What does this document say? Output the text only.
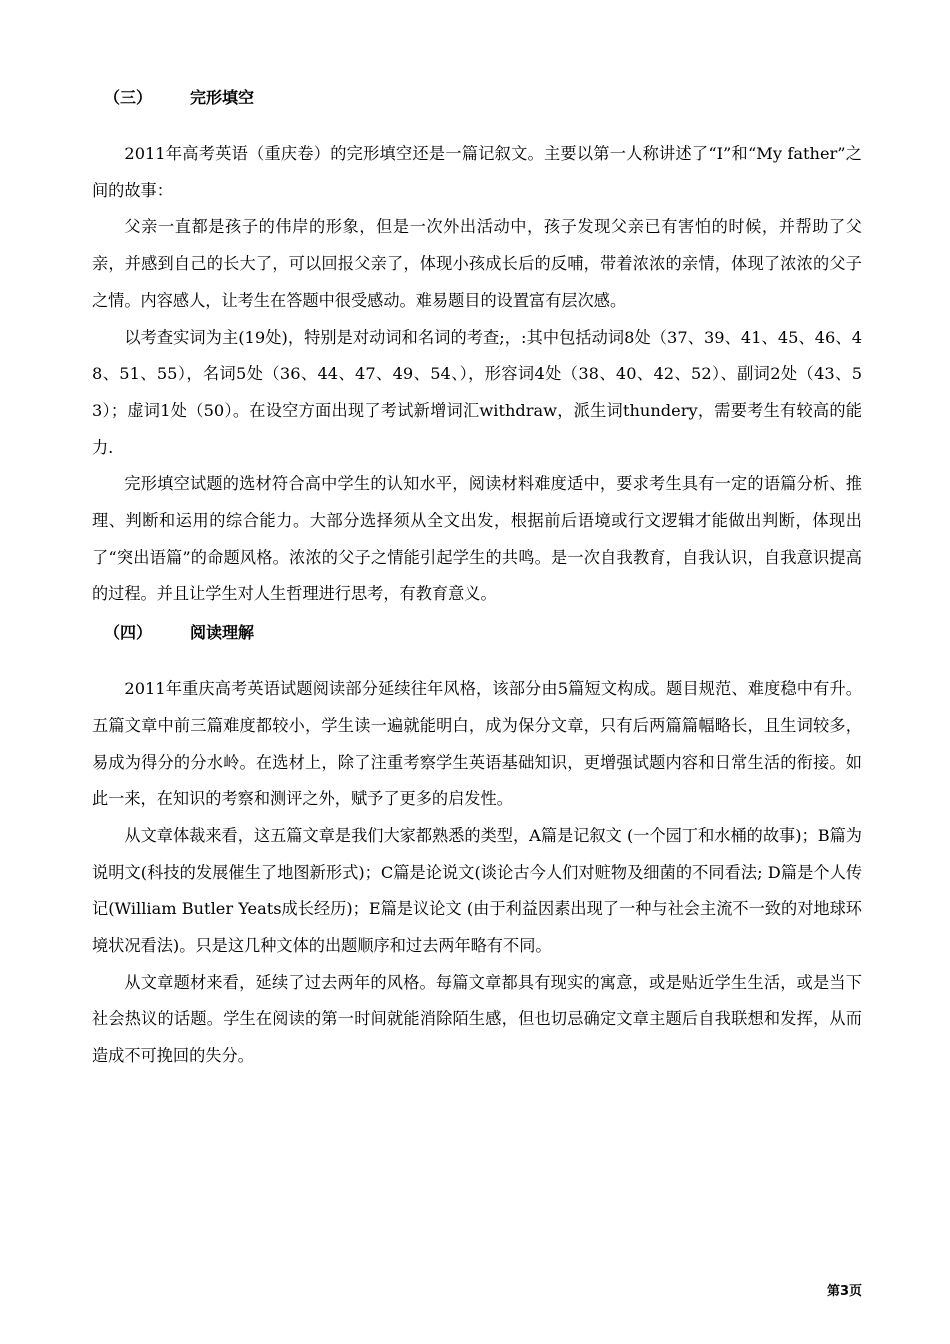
（三） 完形填空

2011年高考英语（重庆卷）的完形填空还是一篇记叙文。主要以第一人称讲述了“I”和“My father”之间的故事：

父亲一直都是孩子的伟岸的形象，但是一次外出活动中，孩子发现父亲已有害怕的时候，并帮助了父亲，并感到自己的长大了，可以回报父亲了，体现小孩成长后的反哺，带着浓浓的亲情，体现了浓浓的父子之情。内容感人，让考生在答题中很受感动。难易题目的设置富有层次感。

以考查实词为主(19处)，特别是对动词和名词的考查;，:其中包括动词8处（37、39、41、45、46、48、51、55），名词5处（36、44、47、49、54、），形容词4处（38、40、42、52）、副词2处（43、53）；虚词1处（50）。在设空方面出现了考试新增词汇withdraw，派生词thundery，需要考生有较高的能力.

完形填空试题的选材符合高中学生的认知水平，阅读材料难度适中，要求考生具有一定的语篇分析、推理、判断和运用的综合能力。大部分选择须从全文出发，根据前后语境或行文逻辑才能做出判断，体现出了“突出语篇”的命题风格。浓浓的父子之情能引起学生的共鸣。是一次自我教育，自我认识，自我意识提高的过程。并且让学生对人生哲理进行思考，有教育意义。

（四） 阅读理解

2011年重庆高考英语试题阅读部分延续往年风格，该部分由5篇短文构成。题目规范、难度稳中有升。五篇文章中前三篇难度都较小，学生读一遍就能明白，成为保分文章，只有后两篇篇幅略长，且生词较多，易成为得分的分水岭。在选材上，除了注重考察学生英语基础知识，更增强试题内容和日常生活的衔接。如此一来，在知识的考察和测评之外，赋予了更多的启发性。

从文章体裁来看，这五篇文章是我们大家都熟悉的类型，A篇是记叙文 (一个园丁和水桶的故事)；B篇为说明文(科技的发展催生了地图新形式)；C篇是论说文(谈论古今人们对赃物及细菌的不同看法; D篇是个人传记(William Butler Yeats成长经历)；E篇是议论文 (由于利益因素出现了一种与社会主流不一致的对地球环境状况看法)。只是这几种文体的出题顺序和过去两年略有不同。

从文章题材来看，延续了过去两年的风格。每篇文章都具有现实的寓意，或是贴近学生生活，或是当下社会热议的话题。学生在阅读的第一时间就能消除陌生感，但也切忌确定文章主题后自我联想和发挥，从而造成不可挽回的失分。

第3页
